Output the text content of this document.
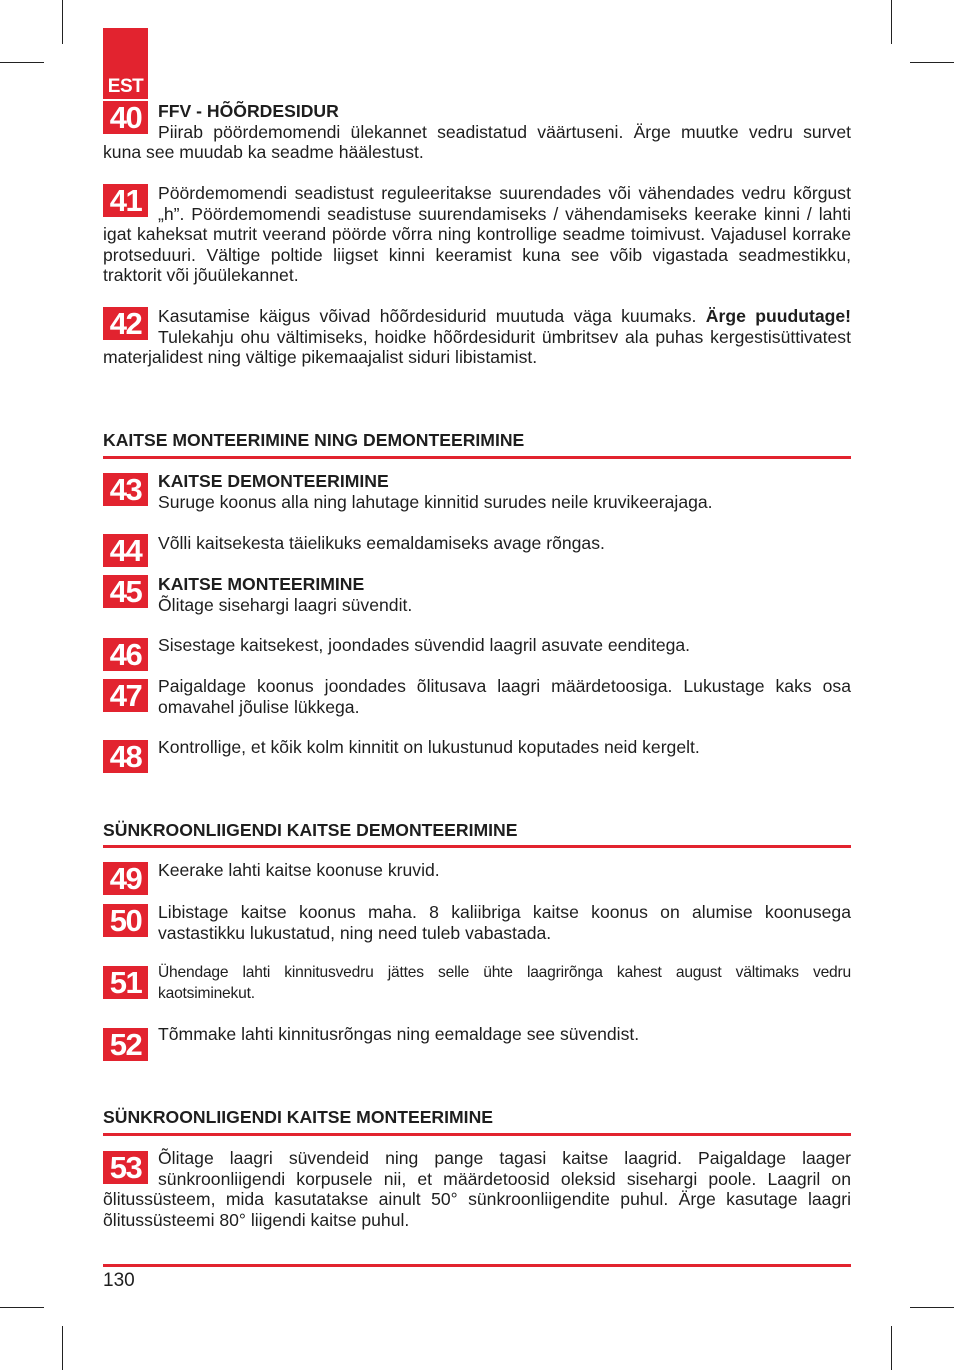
EST
40 FFV - HÕÕRDESIDUR
Piirab pöördemomendi ülekannet seadistatud väärtuseni. Ärge muutke vedru survet kuna see muudab ka seadme häälestust.

41 Pöördemomendi seadistust reguleeritakse suurendades või vähendades vedru kõrgust „h”. Pöördemomendi seadistuse suurendamiseks / vähendamiseks keerake kinni / lahti igat kaheksat mutrit veerand pöörde võrra ning kontrollige seadme toimivust. Vajadusel korrake protseduuri. Vältige poltide liigset kinni keeramist kuna see võib vigastada seadmestikku, traktorit või jõuülekannet.

42 Kasutamise käigus võivad hõõrdesidurid muutuda väga kuumaks. Ärge puudutage! Tulekahju ohu vältimiseks, hoidke hõõrdesidurit ümbritsev ala puhas kergestisüttivatest materjalidest ning vältige pikemaajalist siduri libistamist.

KAITSE MONTEERIMINE NING DEMONTEERIMINE
43 KAITSE DEMONTEERIMINE
Suruge koonus alla ning lahutage kinnitid surudes neile kruvikeerajaga.

44 Võlli kaitsekesta täielikuks eemaldamiseks avage rõngas.

45 KAITSE MONTEERIMINE
Õlitage sisehargi laagri süvendit.

46 Sisestage kaitsekest, joondades süvendid laagril asuvate eenditega.

47 Paigaldage koonus joondades õlitusava laagri määrdetoosiga. Lukustage kaks osa omavahel jõulise lükkega.

48 Kontrollige, et kõik kolm kinnitit on lukustunud koputades neid kergelt.

SÜNKROONLIIGENDI KAITSE DEMONTEERIMINE
49 Keerake lahti kaitse koonuse kruvid.

50 Libistage kaitse koonus maha. 8 kaliibriga kaitse koonus on alumise koonusega vastastikku lukustatud, ning need tuleb vabastada.

51	Ühendage lahti kinnitusvedru jättes selle ühte laagrirõnga kahest august vältimaks vedru kaotsiminekut.

52 Tõmmake lahti kinnitusrõngas ning eemaldage see süvendist.

SÜNKROONLIIGENDI KAITSE MONTEERIMINE
53 Õlitage laagri süvendeid ning pange tagasi kaitse laagrid. Paigaldage laager sünkroonliigendi korpusele nii, et määrdetoosid oleksid sisehargi poole. Laagril on õlitussüsteem, mida kasutatakse ainult 50° sünkroonliigendite puhul. Ärge kasutage laagri õlitussüsteemi 80° liigendi kaitse puhul.

130
